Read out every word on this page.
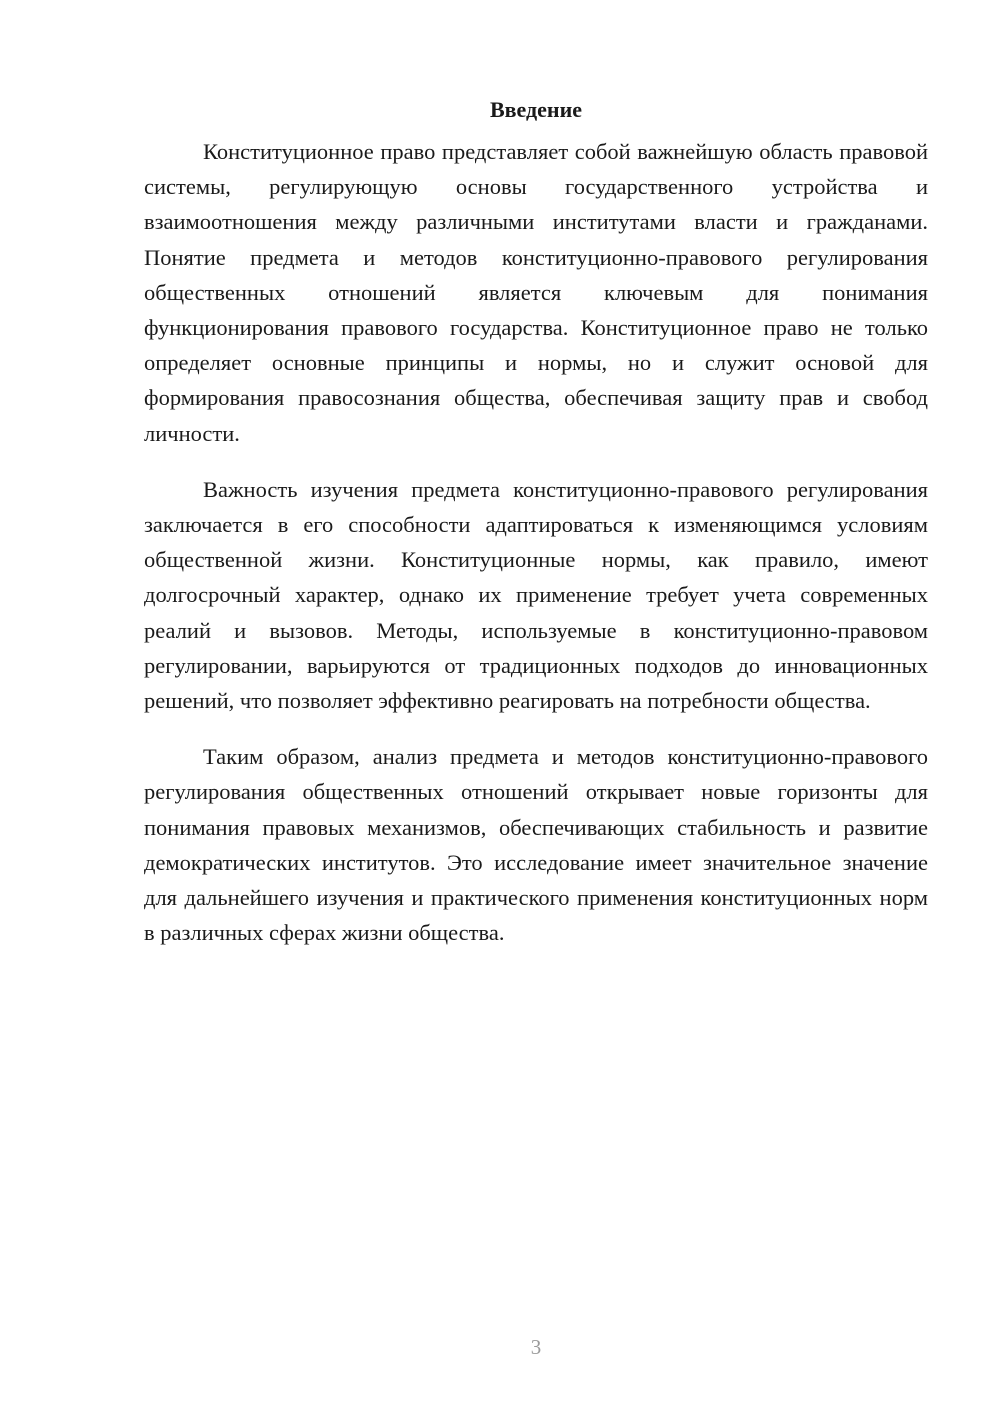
Введение

Конституционное право представляет собой важнейшую область правовой системы, регулирующую основы государственного устройства и взаимоотношения между различными институтами власти и гражданами. Понятие предмета и методов конституционно-правового регулирования общественных отношений является ключевым для понимания функционирования правового государства. Конституционное право не только определяет основные принципы и нормы, но и служит основой для формирования правосознания общества, обеспечивая защиту прав и свобод личности.

Важность изучения предмета конституционно-правового регулирования заключается в его способности адаптироваться к изменяющимся условиям общественной жизни. Конституционные нормы, как правило, имеют долгосрочный характер, однако их применение требует учета современных реалий и вызовов. Методы, используемые в конституционно-правовом регулировании, варьируются от традиционных подходов до инновационных решений, что позволяет эффективно реагировать на потребности общества.

Таким образом, анализ предмета и методов конституционно-правового регулирования общественных отношений открывает новые горизонты для понимания правовых механизмов, обеспечивающих стабильность и развитие демократических институтов. Это исследование имеет значительное значение для дальнейшего изучения и практического применения конституционных норм в различных сферах жизни общества.

3
